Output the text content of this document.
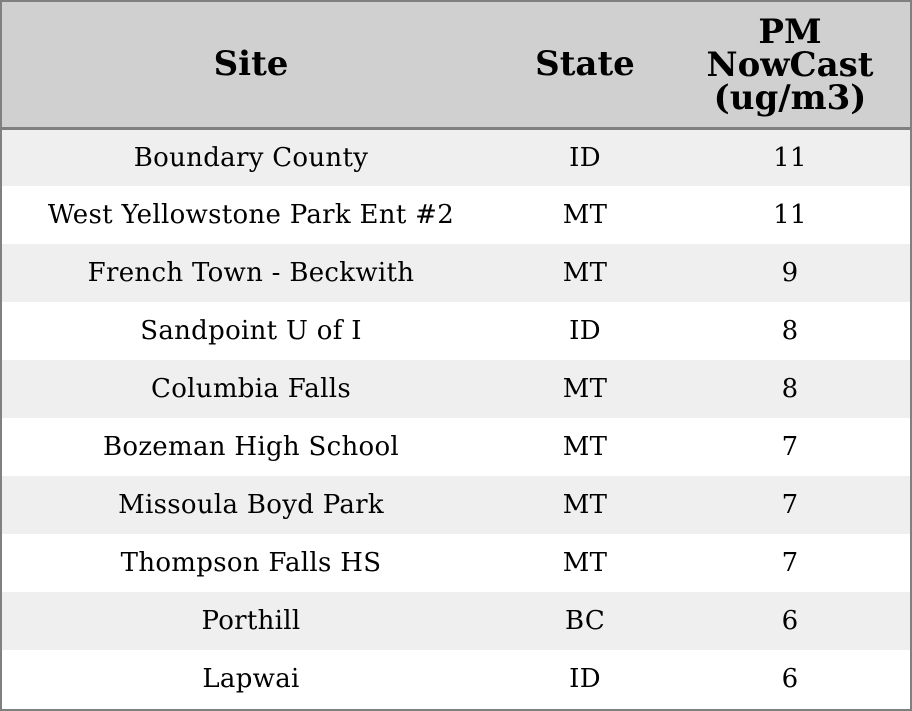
Site	State	PM NowCast (ug/m3)
Boundary County	ID	11
West Yellowstone Park Ent #2	MT	11
French Town - Beckwith	MT	9
Sandpoint U of I	ID	8
Columbia Falls	MT	8
Bozeman High School	MT	7
Missoula Boyd Park	MT	7
Thompson Falls HS	MT	7
Porthill	BC	6
Lapwai	ID	6
